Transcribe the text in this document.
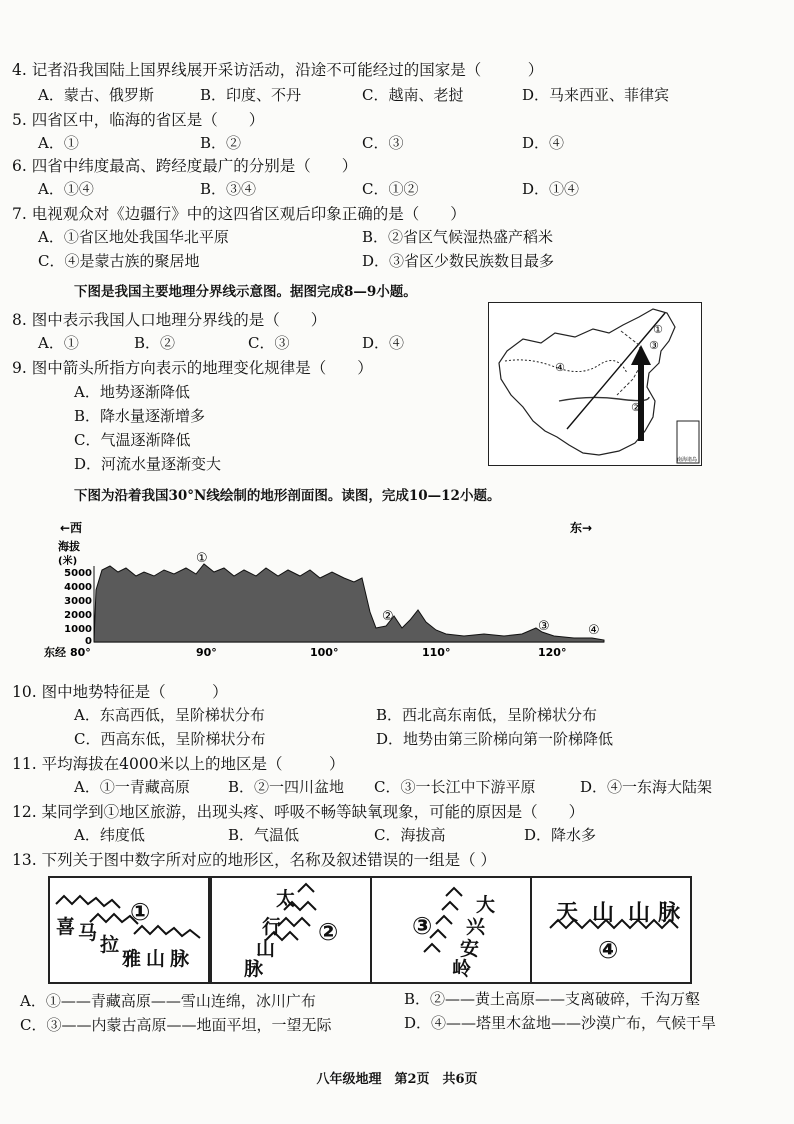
4. 记者沿我国陆上国界线展开采访活动，沿途不可能经过的国家是（　　　）
A．蒙古、俄罗斯	B．印度、不丹	C．越南、老挝	D．马来西亚、菲律宾
5. 四省区中，临海的省区是（　　）
A．①	B．②	C．③	D．④
6. 四省中纬度最高、跨经度最广的分别是（　　）
A．①④	B．③④	C．①②	D．①④
7. 电视观众对《边疆行》中的这四省区观后印象正确的是（　　）
A．①省区地处我国华北平原	B．②省区气候湿热盛产稻米
C．④是蒙古族的聚居地	D．③省区少数民族数目最多
下图是我国主要地理分界线示意图。据图完成8—9小题。
8. 图中表示我国人口地理分界线的是（　　）
A．①	B．②	C．③	D．④
9. 图中箭头所指方向表示的地理变化规律是（　　）
A．地势逐渐降低
B．降水量逐渐增多
C．气温逐渐降低
D．河流水量逐渐变大
④
③
①
②
南海诸岛
下图为沿着我国30°N线绘制的地形剖面图。读图，完成10—12小题。
←西	东→
海拔
(米)
5000
4000
3000
2000
1000
0
①
②
③	④
东经 80°	90°	100°	110°	120°
10. 图中地势特征是（　　　）
A．东高西低，呈阶梯状分布	B．西北高东南低，呈阶梯状分布
C．西高东低，呈阶梯状分布	D．地势由第三阶梯向第一阶梯降低
11. 平均海拔在4000米以上的地区是（　　　）
A．①一青藏高原	B．②一四川盆地 C．③一长江中下游平原	D．④一东海大陆架
12. 某同学到①地区旅游，出现头疼、呼吸不畅等缺氧现象，可能的原因是（　　）
A．纬度低	B．气温低	C．海拔高	D．降水多
13. 下列关于图中数字所对应的地形区，名称及叙述错误的一组是（ ）
①
喜 马
拉
雅 山 脉
太
行
山
脉
②	③
大
兴
安
岭
天 山 山 脉
④
A．①——青藏高原——雪山连绵，冰川广布	B．②——黄土高原——支离破碎，千沟万壑
C．③——内蒙古高原——地面平坦，一望无际	D．④——塔里木盆地——沙漠广布，气候干旱
八年级地理　第2页　共6页
